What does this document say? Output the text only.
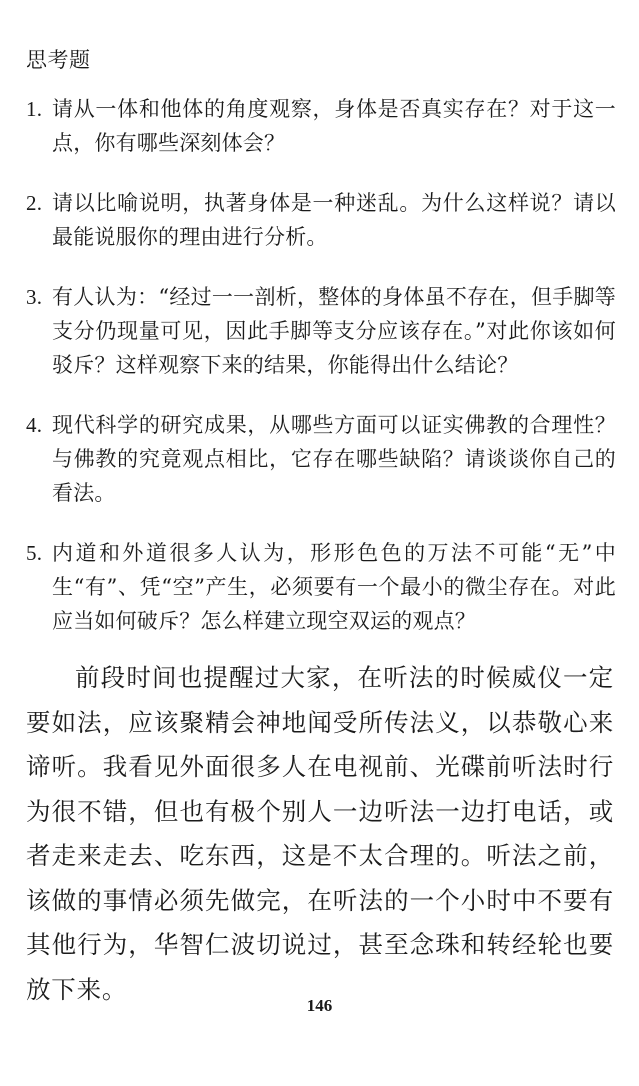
思考题
1. 请从一体和他体的角度观察，身体是否真实存在？对于这一点，你有哪些深刻体会？
2. 请以比喻说明，执著身体是一种迷乱。为什么这样说？请以最能说服你的理由进行分析。
3. 有人认为：“经过一一剖析，整体的身体虽不存在，但手脚等支分仍现量可见，因此手脚等支分应该存在。”对此你该如何驳斥？这样观察下来的结果，你能得出什么结论？
4. 现代科学的研究成果，从哪些方面可以证实佛教的合理性？与佛教的究竟观点相比，它存在哪些缺陷？请谈谈你自己的看法。
5. 内道和外道很多人认为，形形色色的万法不可能“无”中生“有”、凭“空”产生，必须要有一个最小的微尘存在。对此应当如何破斥？怎么样建立现空双运的观点？

前段时间也提醒过大家，在听法的时候威仪一定要如法，应该聚精会神地闻受所传法义，以恭敬心来谛听。我看见外面很多人在电视前、光碟前听法时行为很不错，但也有极个别人一边听法一边打电话，或者走来走去、吃东西，这是不太合理的。听法之前，该做的事情必须先做完，在听法的一个小时中不要有其他行为，华智仁波切说过，甚至念珠和转经轮也要放下来。

146
